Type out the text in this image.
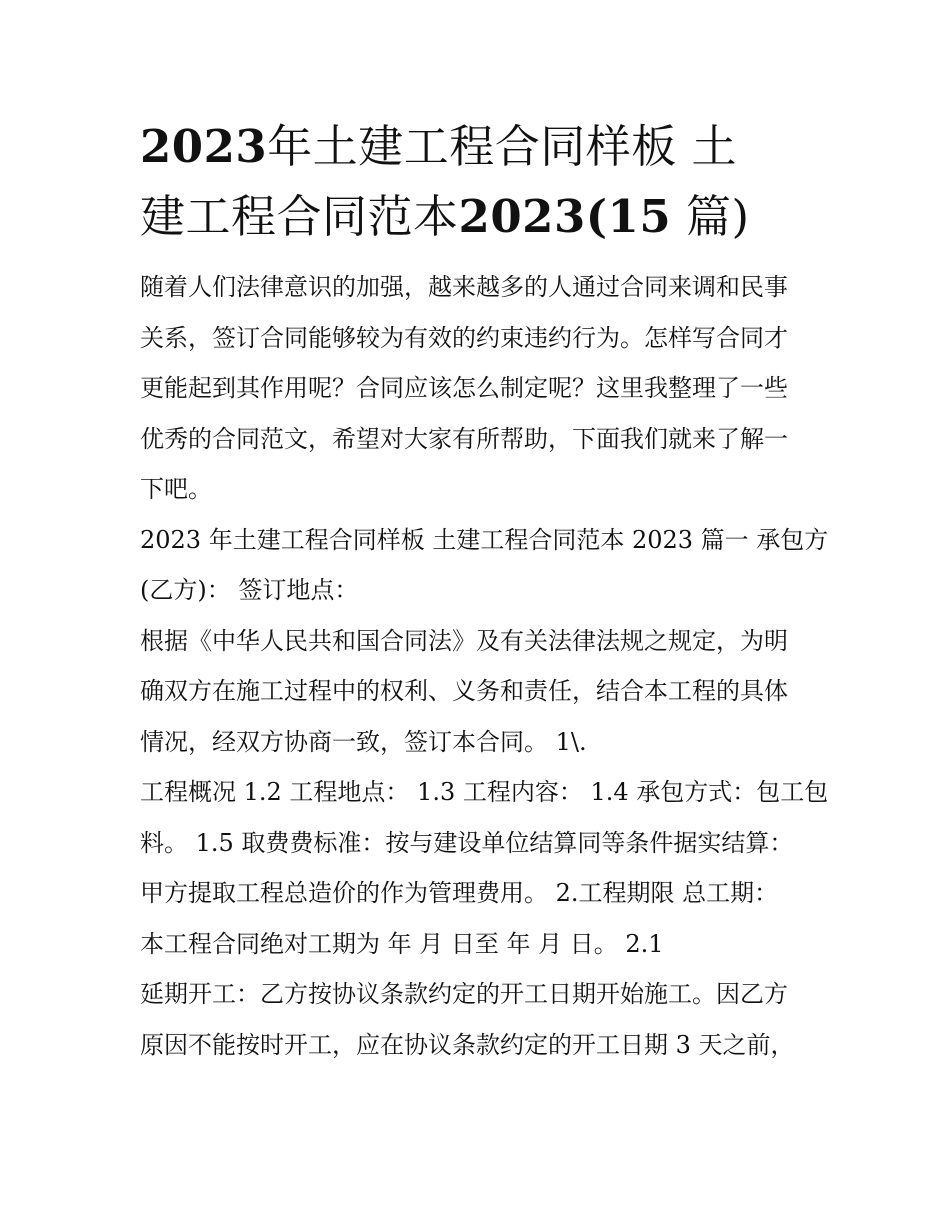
2023年土建工程合同样板 土
建工程合同范本2023(15 篇)

随着人们法律意识的加强，越来越多的人通过合同来调和民事
关系，签订合同能够较为有效的约束违约行为。怎样写合同才
更能起到其作用呢？合同应该怎么制定呢？这里我整理了一些
优秀的合同范文，希望对大家有所帮助，下面我们就来了解一
下吧。

2023 年土建工程合同样板 土建工程合同范本 2023 篇一 承包方
(乙方)： 签订地点：

根据《中华人民共和国合同法》及有关法律法规之规定，为明
确双方在施工过程中的权利、义务和责任，结合本工程的具体
情况，经双方协商一致，签订本合同。 1\.

工程概况 1.2 工程地点： 1.3 工程内容： 1.4 承包方式：包工包
料。 1.5 取费费标准：按与建设单位结算同等条件据实结算：
甲方提取工程总造价的作为管理费用。 2.工程期限 总工期：
本工程合同绝对工期为 年 月 日至 年 月 日。 2.1

延期开工：乙方按协议条款约定的开工日期开始施工。因乙方
原因不能按时开工，应在协议条款约定的开工日期 3 天之前，
